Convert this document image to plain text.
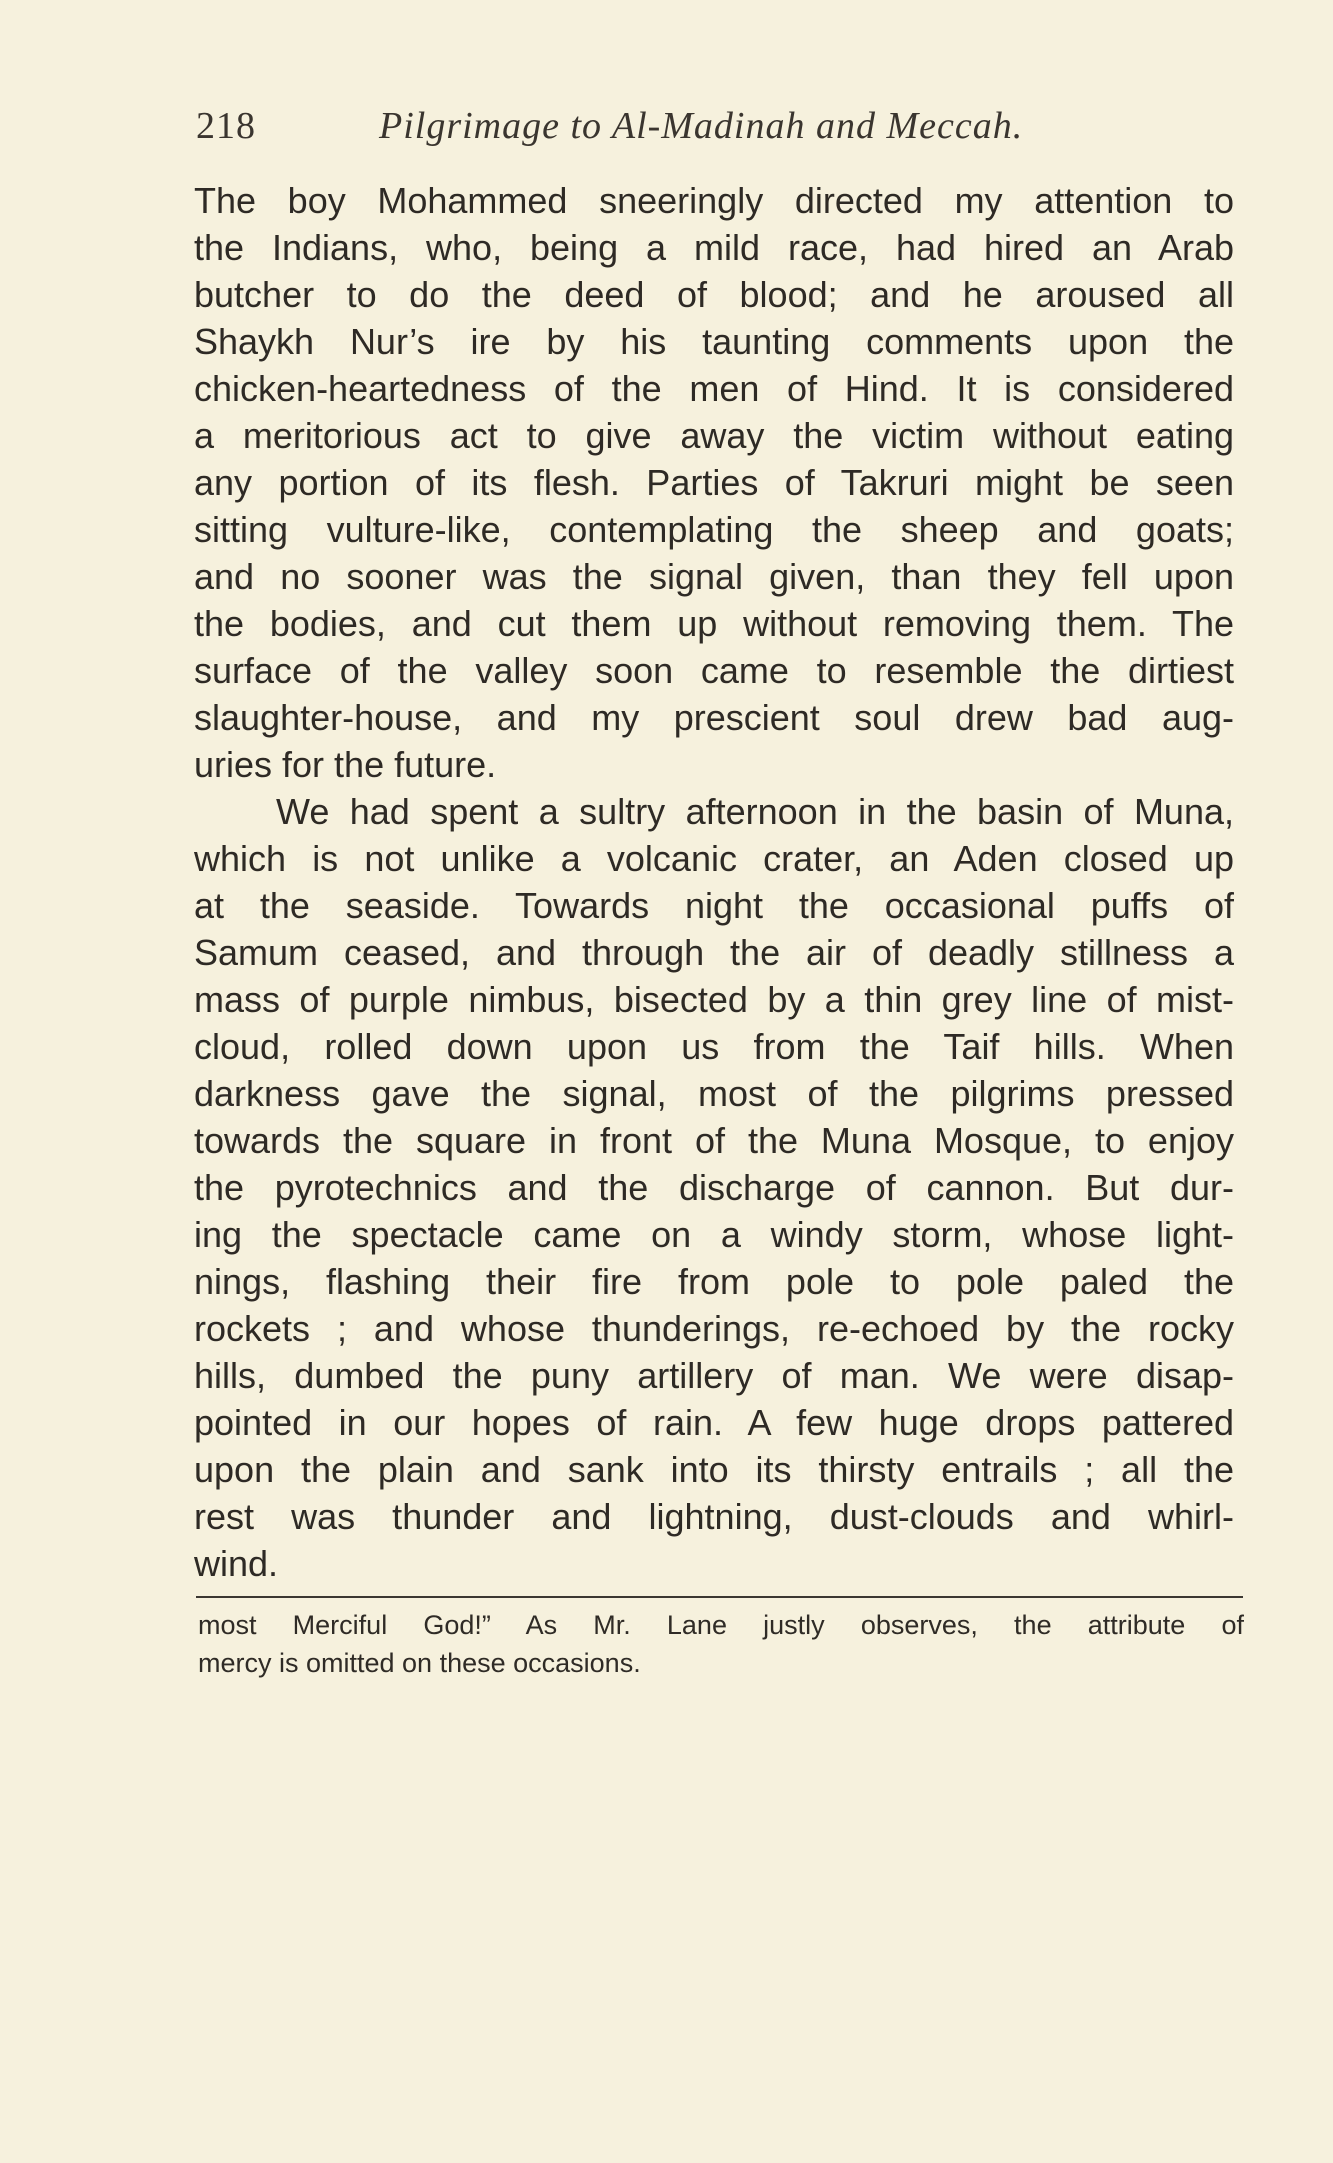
218	Pilgrimage to Al-Madinah and Meccah.
The boy Mohammed sneeringly directed my attention to
the Indians, who, being a mild race, had hired an Arab
butcher to do the deed of blood; and he aroused all
Shaykh Nur’s ire by his taunting comments upon the
chicken-heartedness of the men of Hind. It is considered
a meritorious act to give away the victim without eating
any portion of its flesh. Parties of Takruri might be seen
sitting vulture-like, contemplating the sheep and goats;
and no sooner was the signal given, than they fell upon
the bodies, and cut them up without removing them. The
surface of the valley soon came to resemble the dirtiest
slaughter-house, and my prescient soul drew bad aug-
uries for the future.
We had spent a sultry afternoon in the basin of Muna,
which is not unlike a volcanic crater, an Aden closed up
at the seaside. Towards night the occasional puffs of
Samum ceased, and through the air of deadly stillness a
mass of purple nimbus, bisected by a thin grey line of mist-
cloud, rolled down upon us from the Taif hills. When
darkness gave the signal, most of the pilgrims pressed
towards the square in front of the Muna Mosque, to enjoy
the pyrotechnics and the discharge of cannon. But dur-
ing the spectacle came on a windy storm, whose light-
nings, flashing their fire from pole to pole paled the
rockets ; and whose thunderings, re-echoed by the rocky
hills, dumbed the puny artillery of man. We were disap-
pointed in our hopes of rain. A few huge drops pattered
upon the plain and sank into its thirsty entrails ; all the
rest was thunder and lightning, dust-clouds and whirl-
wind.
most Merciful God!” As Mr. Lane justly observes, the attribute of
mercy is omitted on these occasions.
